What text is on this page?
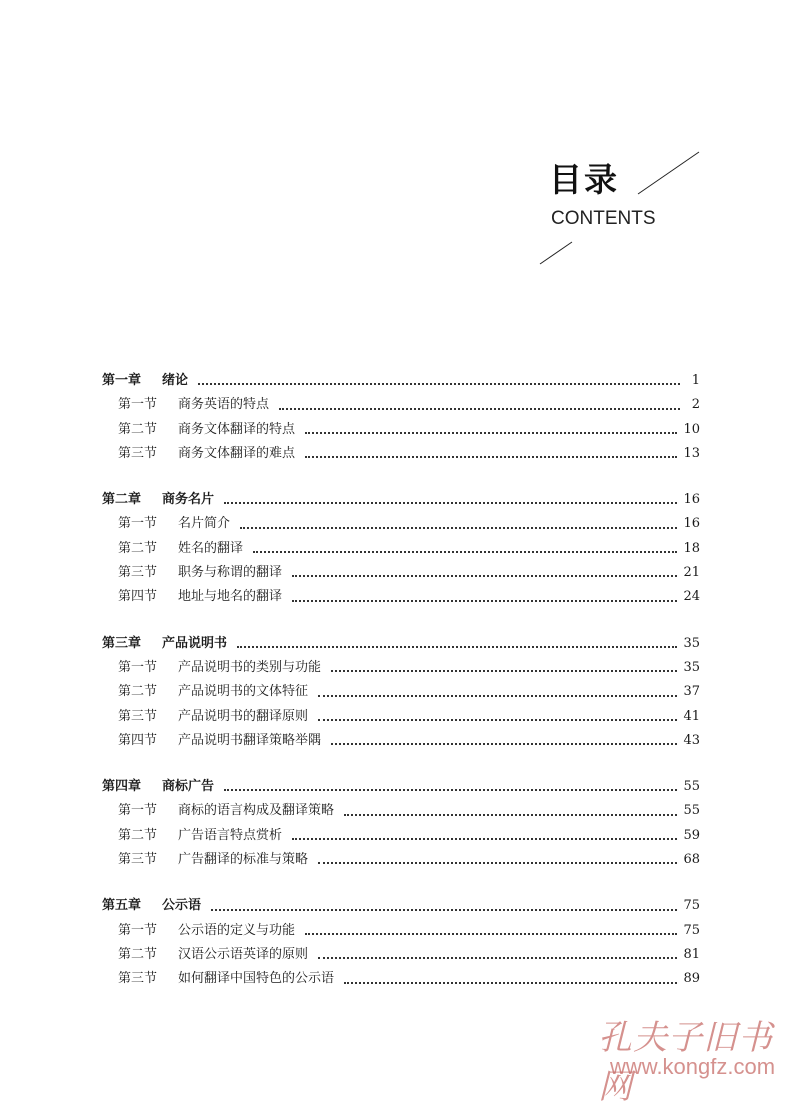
目录
CONTENTS
第一章	绪论	1
第一节	商务英语的特点	2
第二节	商务文体翻译的特点	10
第三节	商务文体翻译的难点	13
第二章	商务名片	16
第一节	名片简介	16
第二节	姓名的翻译	18
第三节	职务与称谓的翻译	21
第四节	地址与地名的翻译	24
第三章	产品说明书	35
第一节	产品说明书的类别与功能	35
第二节	产品说明书的文体特征	37
第三节	产品说明书的翻译原则	41
第四节	产品说明书翻译策略举隅	43
第四章	商标广告	55
第一节	商标的语言构成及翻译策略	55
第二节	广告语言特点赏析	59
第三节	广告翻译的标准与策略	68
第五章	公示语	75
第一节	公示语的定义与功能	75
第二节	汉语公示语英译的原则	81
第三节	如何翻译中国特色的公示语	89
孔夫子旧书网
www.kongfz.com
